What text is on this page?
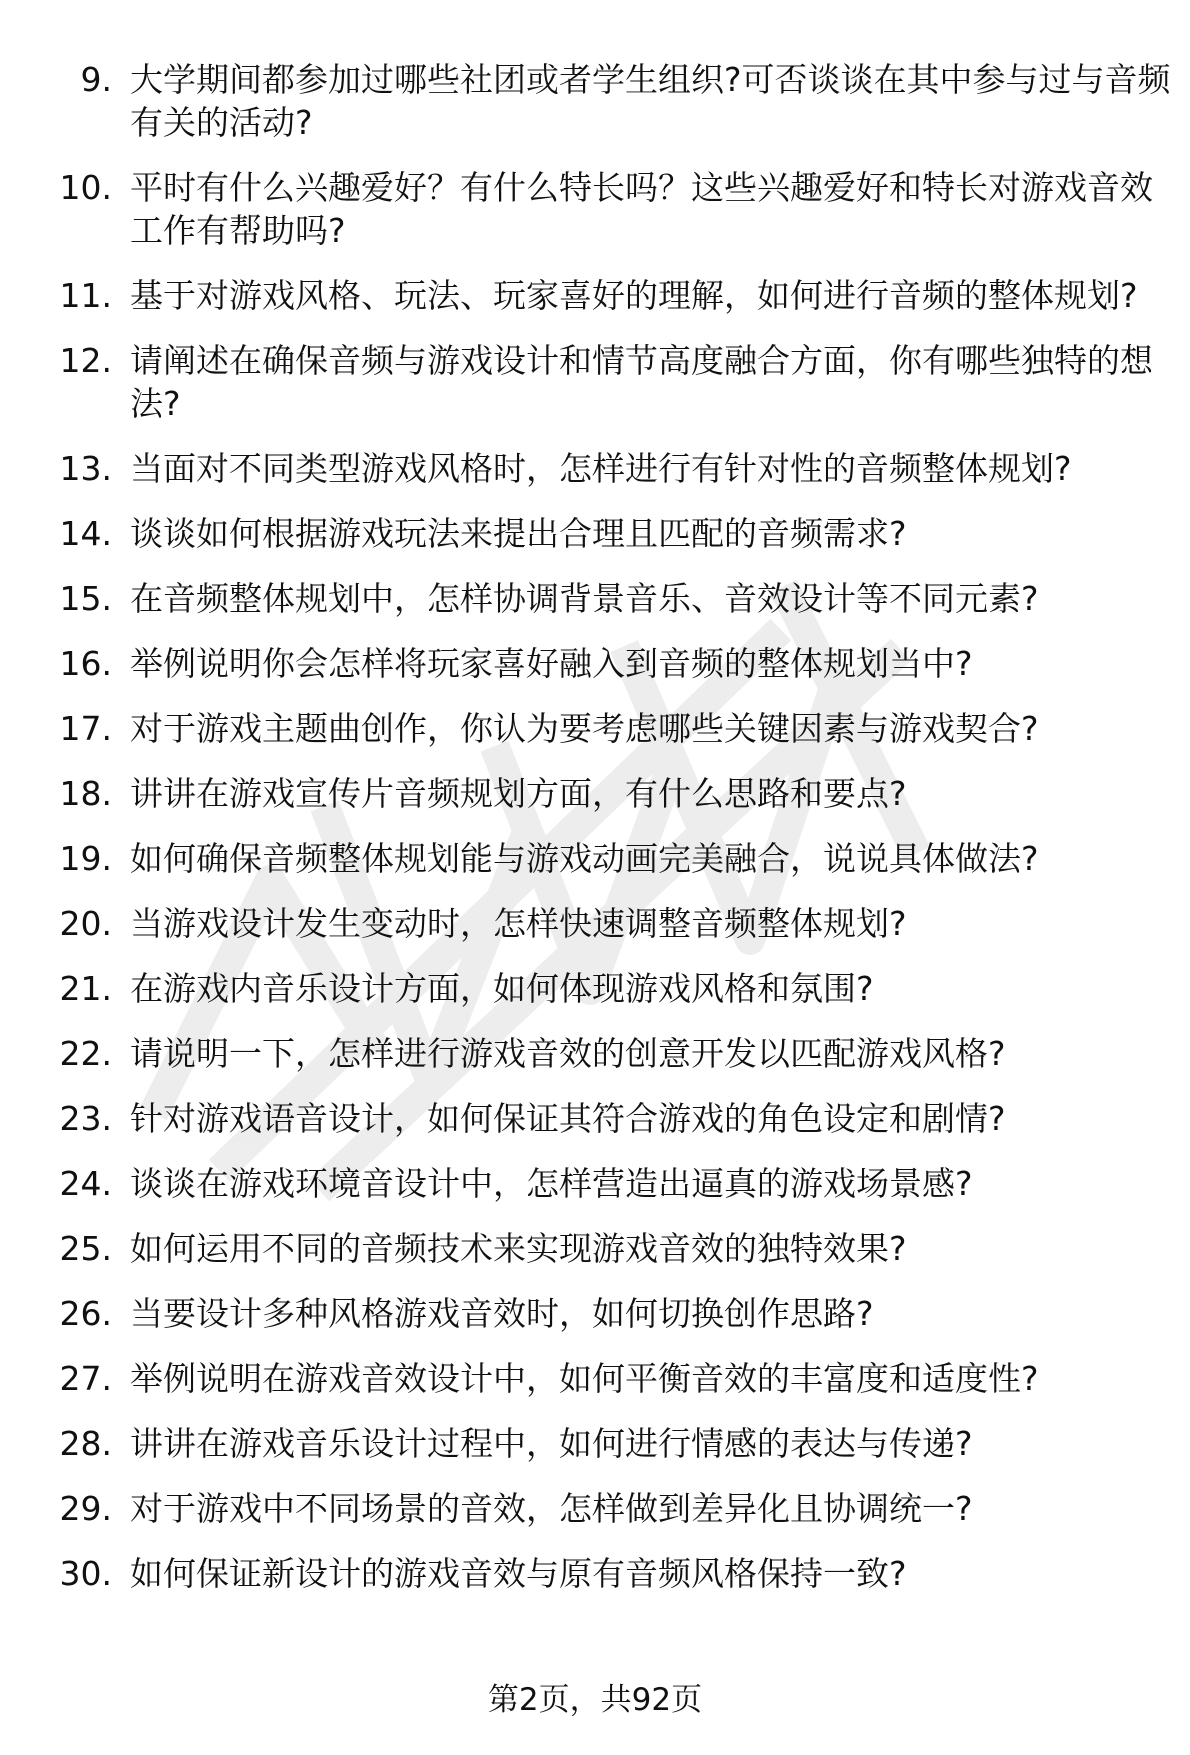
9. 大学期间都参加过哪些社团或者学生组织?可否谈谈在其中参与过与音频有关的活动?
10. 平时有什么兴趣爱好？有什么特长吗？这些兴趣爱好和特长对游戏音效工作有帮助吗?
11. 基于对游戏风格、玩法、玩家喜好的理解，如何进行音频的整体规划?
12. 请阐述在确保音频与游戏设计和情节高度融合方面，你有哪些独特的想法?
13. 当面对不同类型游戏风格时，怎样进行有针对性的音频整体规划?
14. 谈谈如何根据游戏玩法来提出合理且匹配的音频需求?
15. 在音频整体规划中，怎样协调背景音乐、音效设计等不同元素?
16. 举例说明你会怎样将玩家喜好融入到音频的整体规划当中?
17. 对于游戏主题曲创作，你认为要考虑哪些关键因素与游戏契合?
18. 讲讲在游戏宣传片音频规划方面，有什么思路和要点?
19. 如何确保音频整体规划能与游戏动画完美融合，说说具体做法?
20. 当游戏设计发生变动时，怎样快速调整音频整体规划?
21. 在游戏内音乐设计方面，如何体现游戏风格和氛围?
22. 请说明一下，怎样进行游戏音效的创意开发以匹配游戏风格?
23. 针对游戏语音设计，如何保证其符合游戏的角色设定和剧情?
24. 谈谈在游戏环境音设计中，怎样营造出逼真的游戏场景感?
25. 如何运用不同的音频技术来实现游戏音效的独特效果?
26. 当要设计多种风格游戏音效时，如何切换创作思路?
27. 举例说明在游戏音效设计中，如何平衡音效的丰富度和适度性?
28. 讲讲在游戏音乐设计过程中，如何进行情感的表达与传递?
29. 对于游戏中不同场景的音效，怎样做到差异化且协调统一?
30. 如何保证新设计的游戏音效与原有音频风格保持一致?
第2页，共92页
